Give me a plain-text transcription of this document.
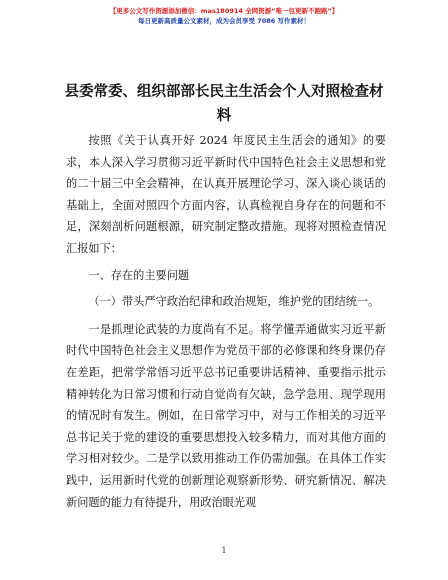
【更多公文写作资源添加微信：mas180914 全网资源“唯一包更新不跑路”】
每日更新高质量公文素材，成为会员享受 7086 写作素材！
县委常委、组织部部长民主生活会个人对照检查材料

按照《关于认真开好 2024 年度民主生活会的通知》的要求，本人深入学习贯彻习近平新时代中国特色社会主义思想和党的二十届三中全会精神，在认真开展理论学习、深入谈心谈话的基础上，全面对照四个方面内容，认真检视自身存在的问题和不足，深刻剖析问题根源，研究制定整改措施。现将对照检查情况汇报如下：

一、存在的主要问题

（一）带头严守政治纪律和政治规矩，维护党的团结统一。

一是抓理论武装的力度尚有不足。将学懂弄通做实习近平新时代中国特色社会主义思想作为党员干部的必修课和终身课仍存在差距，把常学常悟习近平总书记重要讲话精神、重要指示批示精神转化为日常习惯和行动自觉尚有欠缺，急学急用、现学现用的情况时有发生。例如，在日常学习中，对与工作相关的习近平总书记关于党的建设的重要思想投入较多精力，而对其他方面的学习相对较少。二是学以致用推动工作仍需加强。在具体工作实践中，运用新时代党的创新理论观察新形势、研究新情况、解决新问题的能力有待提升，用政治眼光观

1
